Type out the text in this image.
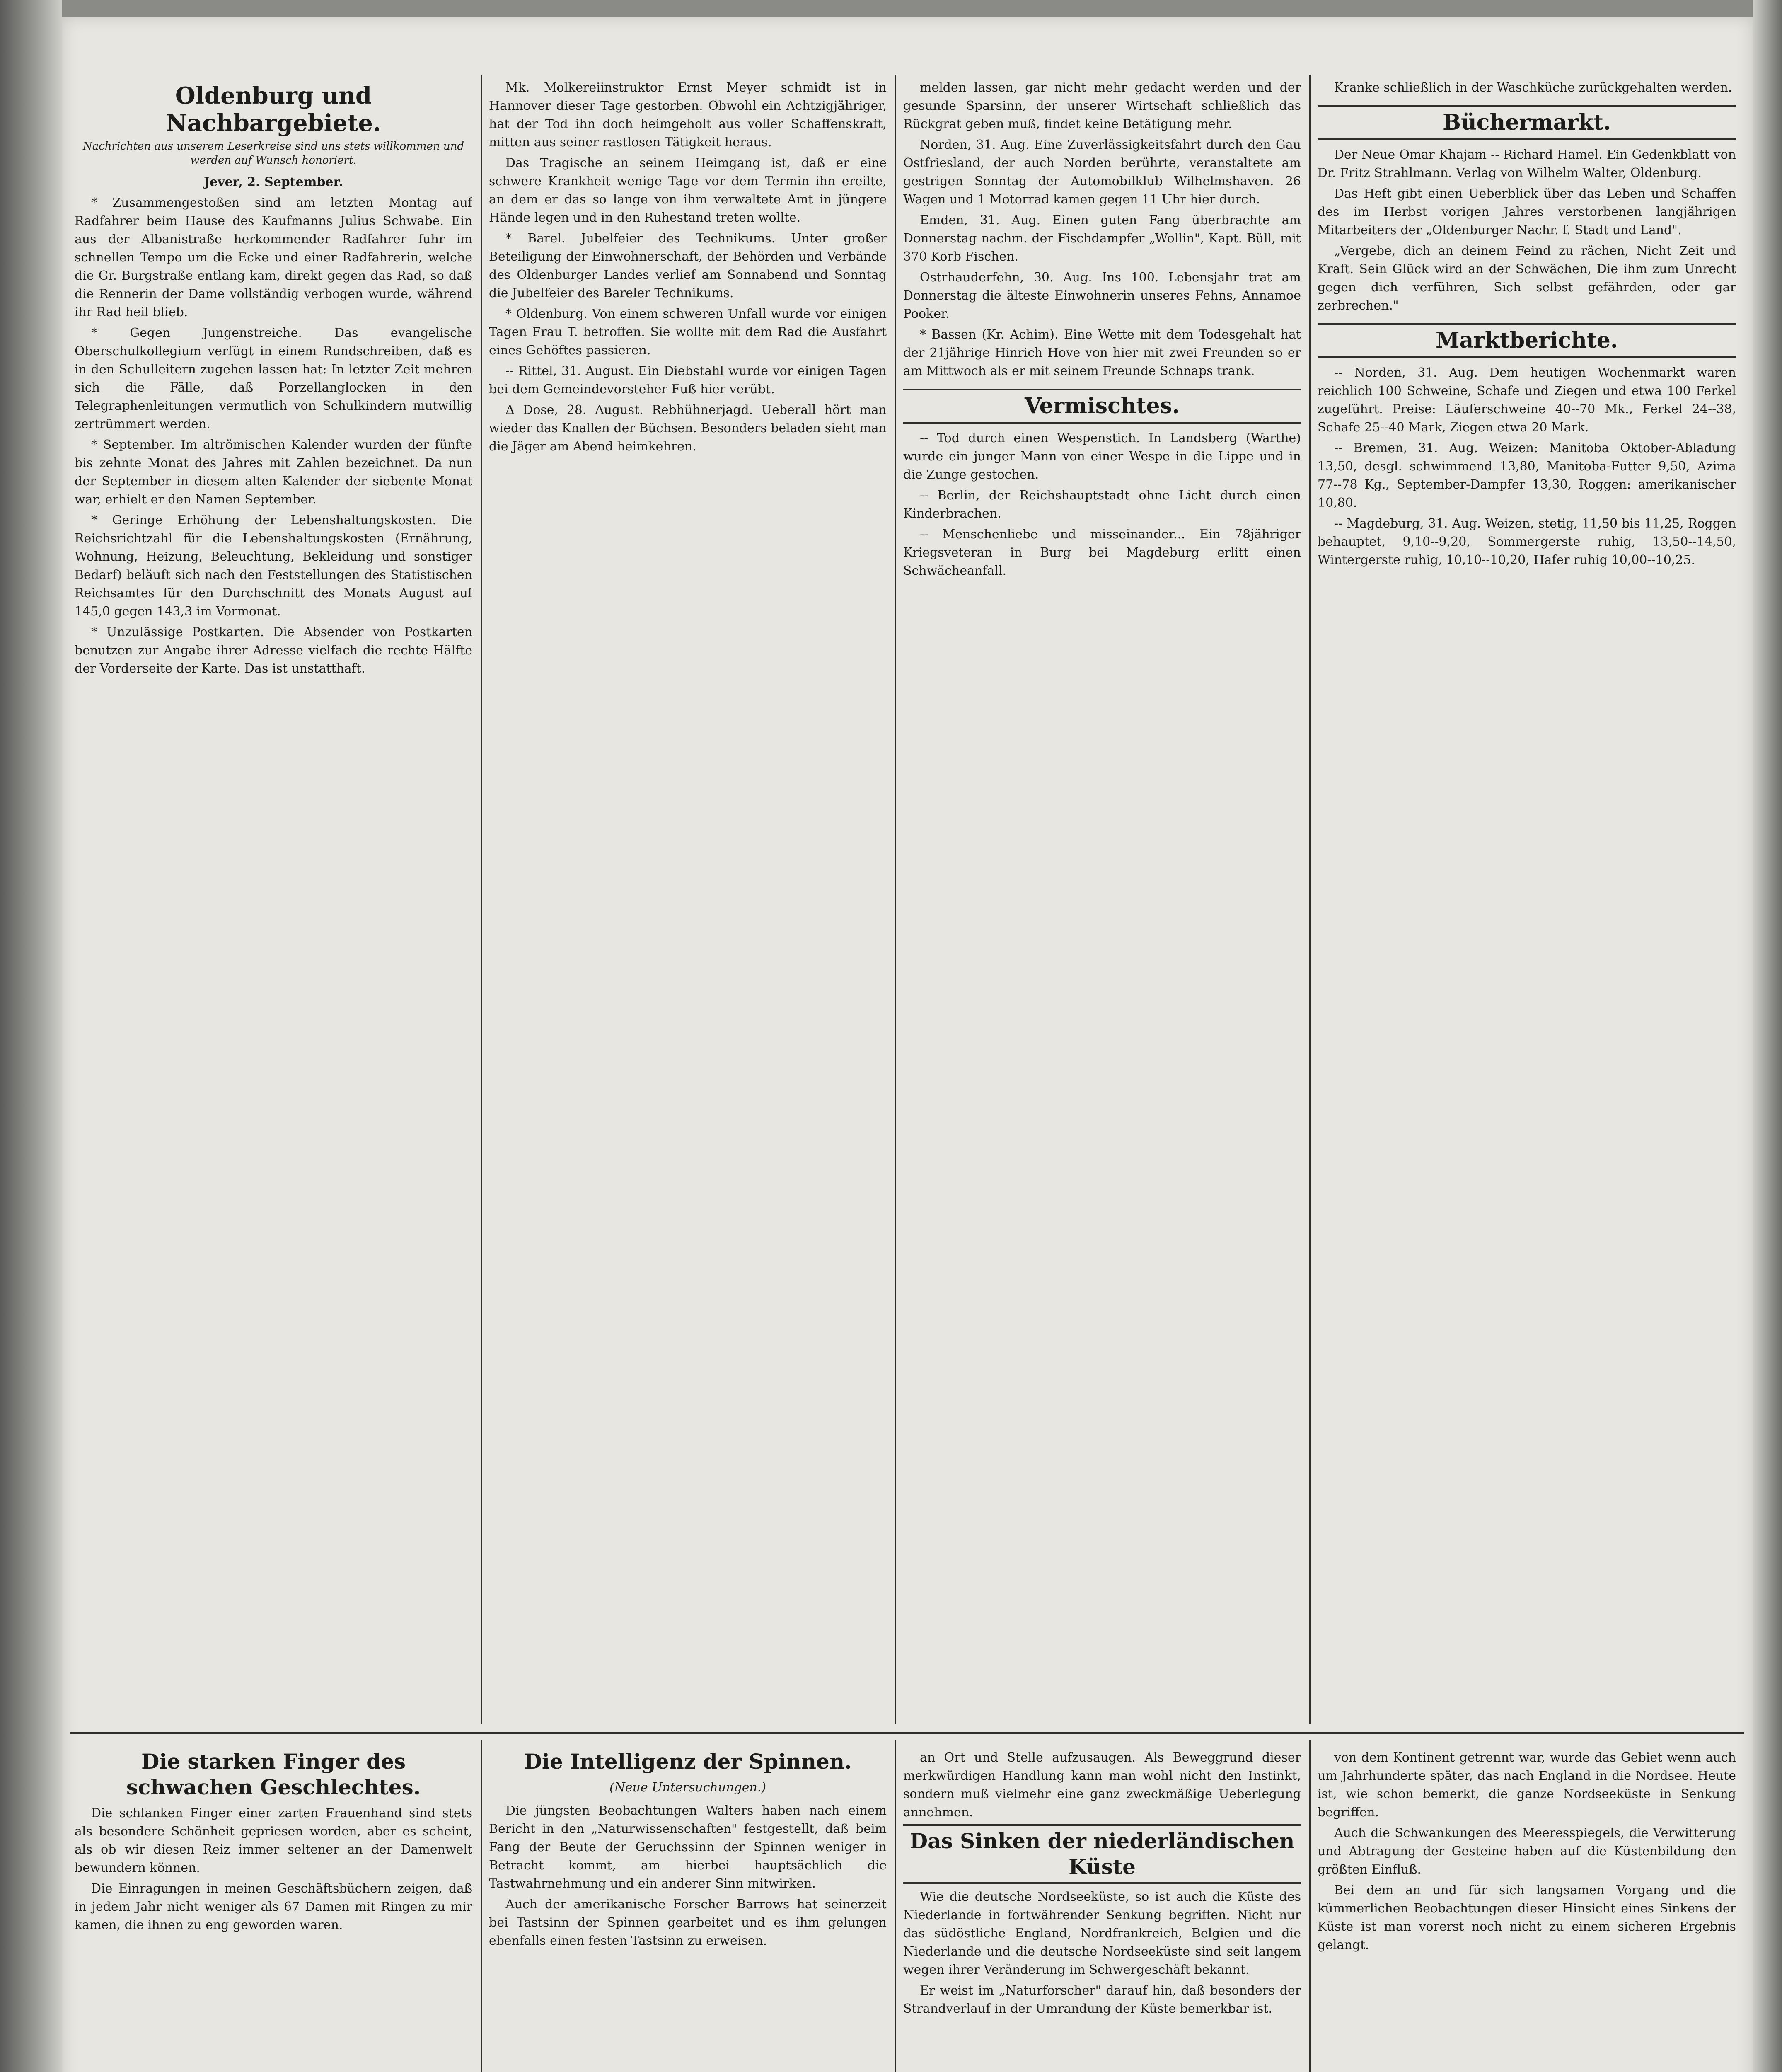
Oldenburg und Nachbargebiete.
Nachrichten aus unserem Leserkreise sind uns stets willkommen und werden auf Wunsch honoriert.
Jever, 2. September.

* Zusammengestoßen sind am letzten Montag auf Radfahrer beim Hause des Kaufmanns Julius Schwabe. Ein aus der Albanistraße herkommender Radfahrer fuhr im schnellen Tempo um die Ecke und einer Radfahrerin, welche die Gr. Burgstraße entlang kam, direkt gegen das Rad, so daß die Rennerin der Dame vollständig verbogen wurde, während ihr Rad heil blieb.

* Gegen Jungenstreiche. Das evangelische Oberschulkollegium verfügt in einem Rundschreiben, daß es in den Schulleitern zugehen lassen hat: In letzter Zeit mehren sich die Fälle, daß Porzellanglocken in den Telegraphenleitungen vermutlich von Schulkindern mutwillig zertrümmert werden.

* September. Im altrömischen Kalender wurden der fünfte bis zehnte Monat des Jahres mit Zahlen bezeichnet. Da nun der September in diesem alten Kalender der siebente Monat war, erhielt er den Namen September.

* Geringe Erhöhung der Lebenshaltungskosten. Die Reichsrichtzahl für die Lebenshaltungskosten (Ernährung, Wohnung, Heizung, Beleuchtung, Bekleidung und sonstiger Bedarf) beläuft sich nach den Feststellungen des Statistischen Reichsamtes für den Durchschnitt des Monats August auf 145,0 gegen 143,3 im Vormonat.

* Unzulässige Postkarten. Die Absender von Postkarten benutzen zur Angabe ihrer Adresse vielfach die rechte Hälfte der Vorderseite der Karte. Das ist unstatthaft.

Mk. Molkereiinstruktor Ernst Meyer schmidt ist in Hannover dieser Tage gestorben. Obwohl ein Achtzigjähriger, hat der Tod ihn doch heimgeholt aus voller Schaffenskraft, mitten aus seiner rastlosen Tätigkeit heraus.

Das Tragische an seinem Heimgang ist, daß er eine schwere Krankheit wenige Tage vor dem Termin ihn ereilte, an dem er das so lange von ihm verwaltete Amt in jüngere Hände legen und in den Ruhestand treten wollte.

* Barel. Jubelfeier des Technikums. Unter großer Beteiligung der Einwohnerschaft, der Behörden und Verbände des Oldenburger Landes verlief am Sonnabend und Sonntag die Jubelfeier des Bareler Technikums.

* Oldenburg. Von einem schweren Unfall wurde vor einigen Tagen Frau T. betroffen. Sie wollte mit dem Rad die Ausfahrt eines Gehöftes passieren.

-- Rittel, 31. August. Ein Diebstahl wurde vor einigen Tagen bei dem Gemeindevorsteher Fuß hier verübt.

Δ Dose, 28. August. Rebhühnerjagd. Ueberall hört man wieder das Knallen der Büchsen. Besonders beladen sieht man die Jäger am Abend heimkehren.

melden lassen, gar nicht mehr gedacht werden und der gesunde Sparsinn, der unserer Wirtschaft schließlich das Rückgrat geben muß, findet keine Betätigung mehr.

Norden, 31. Aug. Eine Zuverlässigkeitsfahrt durch den Gau Ostfriesland, der auch Norden berührte, veranstaltete am gestrigen Sonntag der Automobilklub Wilhelmshaven. 26 Wagen und 1 Motorrad kamen gegen 11 Uhr hier durch.

Emden, 31. Aug. Einen guten Fang überbrachte am Donnerstag nachm. der Fischdampfer „Wollin", Kapt. Büll, mit 370 Korb Fischen.

Ostrhauderfehn, 30. Aug. Ins 100. Lebensjahr trat am Donnerstag die älteste Einwohnerin unseres Fehns, Annamoe Pooker.

* Bassen (Kr. Achim). Eine Wette mit dem Todesgehalt hat der 21jährige Hinrich Hove von hier mit zwei Freunden so er am Mittwoch als er mit seinem Freunde Schnaps trank.

Vermischtes.

-- Tod durch einen Wespenstich. In Landsberg (Warthe) wurde ein junger Mann von einer Wespe in die Lippe und in die Zunge gestochen.

-- Berlin, der Reichshauptstadt ohne Licht durch einen Kinderbrachen.

-- Menschenliebe und misseinander... Ein 78jähriger Kriegsveteran in Burg bei Magdeburg erlitt einen Schwächeanfall.

Kranke schließlich in der Waschküche zurückgehalten werden.

Büchermarkt.

Der Neue Omar Khajam -- Richard Hamel. Ein Gedenkblatt von Dr. Fritz Strahlmann. Verlag von Wilhelm Walter, Oldenburg.

Das Heft gibt einen Ueberblick über das Leben und Schaffen des im Herbst vorigen Jahres verstorbenen langjährigen Mitarbeiters der „Oldenburger Nachr. f. Stadt und Land".

„Vergebe, dich an deinem Feind zu rächen, Nicht Zeit und Kraft. Sein Glück wird an der Schwächen, Die ihm zum Unrecht gegen dich verführen, Sich selbst gefährden, oder gar zerbrechen."

Marktberichte.

-- Norden, 31. Aug. Dem heutigen Wochenmarkt waren reichlich 100 Schweine, Schafe und Ziegen und etwa 100 Ferkel zugeführt. Preise: Läuferschweine 40--70 Mk., Ferkel 24--38, Schafe 25--40 Mark, Ziegen etwa 20 Mark.

-- Bremen, 31. Aug. Weizen: Manitoba Oktober-Abladung 13,50, desgl. schwimmend 13,80, Manitoba-Futter 9,50, Azima 77--78 Kg., September-Dampfer 13,30, Roggen: amerikanischer 10,80.

-- Magdeburg, 31. Aug. Weizen, stetig, 11,50 bis 11,25, Roggen behauptet, 9,10--9,20, Sommergerste ruhig, 13,50--14,50, Wintergerste ruhig, 10,10--10,20, Hafer ruhig 10,00--10,25.

Die starken Finger des schwachen Geschlechtes.

Die schlanken Finger einer zarten Frauenhand sind stets als besondere Schönheit gepriesen worden, aber es scheint, als ob wir diesen Reiz immer seltener an der Damenwelt bewundern können.

Die Einragungen in meinen Geschäftsbüchern zeigen, daß in jedem Jahr nicht weniger als 67 Damen mit Ringen zu mir kamen, die ihnen zu eng geworden waren.

Die Intelligenz der Spinnen.
(Neue Untersuchungen.)

Die jüngsten Beobachtungen Walters haben nach einem Bericht in den „Naturwissenschaften" festgestellt, daß beim Fang der Beute der Geruchssinn der Spinnen weniger in Betracht kommt, am hierbei hauptsächlich die Tastwahrnehmung und ein anderer Sinn mitwirken.

Auch der amerikanische Forscher Barrows hat seinerzeit bei Tastsinn der Spinnen gearbeitet und es ihm gelungen ebenfalls einen festen Tastsinn zu erweisen.

an Ort und Stelle aufzusaugen. Als Beweggrund dieser merkwürdigen Handlung kann man wohl nicht den Instinkt, sondern muß vielmehr eine ganz zweckmäßige Ueberlegung annehmen.

Das Sinken der niederländischen Küste

Wie die deutsche Nordseeküste, so ist auch die Küste des Niederlande in fortwährender Senkung begriffen. Nicht nur das südöstliche England, Nordfrankreich, Belgien und die Niederlande und die deutsche Nordseeküste sind seit langem wegen ihrer Veränderung im Schwergeschäft bekannt.

Er weist im „Naturforscher" darauf hin, daß besonders der Strandverlauf in der Umrandung der Küste bemerkbar ist.

von dem Kontinent getrennt war, wurde das Gebiet wenn auch um Jahrhunderte später, das nach England in die Nordsee. Heute ist, wie schon bemerkt, die ganze Nordseeküste in Senkung begriffen.

Auch die Schwankungen des Meeresspiegels, die Verwitterung und Abtragung der Gesteine haben auf die Küstenbildung den größten Einfluß.

Bei dem an und für sich langsamen Vorgang und die kümmerlichen Beobachtungen dieser Hinsicht eines Sinkens der Küste ist man vorerst noch nicht zu einem sicheren Ergebnis gelangt.
